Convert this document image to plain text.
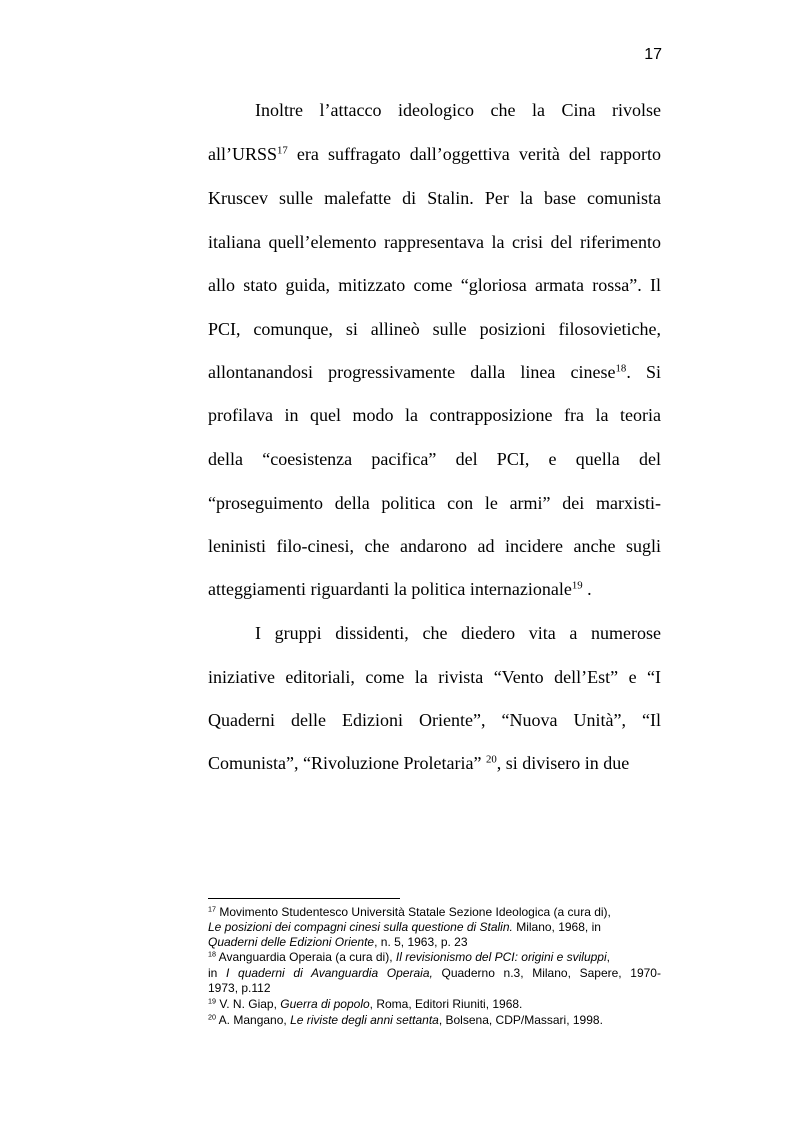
17
Inoltre l’attacco ideologico che la Cina rivolse
all’URSS$^{17}$ era suffragato dall’oggettiva verità del rapporto
Kruscev sulle malefatte di Stalin. Per la base comunista
italiana quell’elemento rappresentava la crisi del riferimento
allo stato guida, mitizzato come “gloriosa armata rossa”. Il
PCI, comunque, si allineò sulle posizioni filosovietiche,
allontanandosi progressivamente dalla linea cinese$^{18}$. Si
profilava in quel modo la contrapposizione fra la teoria
della “coesistenza pacifica” del PCI, e quella del
“proseguimento della politica con le armi” dei marxisti-
leninisti filo-cinesi, che andarono ad incidere anche sugli
atteggiamenti riguardanti la politica internazionale$^{19}$ .
I gruppi dissidenti, che diedero vita a numerose
iniziative editoriali, come la rivista “Vento dell’Est” e “I
Quaderni delle Edizioni Oriente”, “Nuova Unità”, “Il
Comunista”, “Rivoluzione Proletaria” $^{20}$, si divisero in due
$^{17}$ Movimento Studentesco Università Statale Sezione Ideologica (a cura di),
Le posizioni dei compagni cinesi sulla questione di Stalin. Milano, 1968, in
Quaderni delle Edizioni Oriente, n. 5, 1963, p. 23
$^{18}$ Avanguardia Operaia (a cura di), Il revisionismo del PCI: origini e sviluppi,
in I quaderni di Avanguardia Operaia, Quaderno n.3, Milano, Sapere, 1970-
1973, p.112
$^{19}$ V. N. Giap, Guerra di popolo, Roma, Editori Riuniti, 1968.
$^{20}$ A. Mangano, Le riviste degli anni settanta, Bolsena, CDP/Massari, 1998.
